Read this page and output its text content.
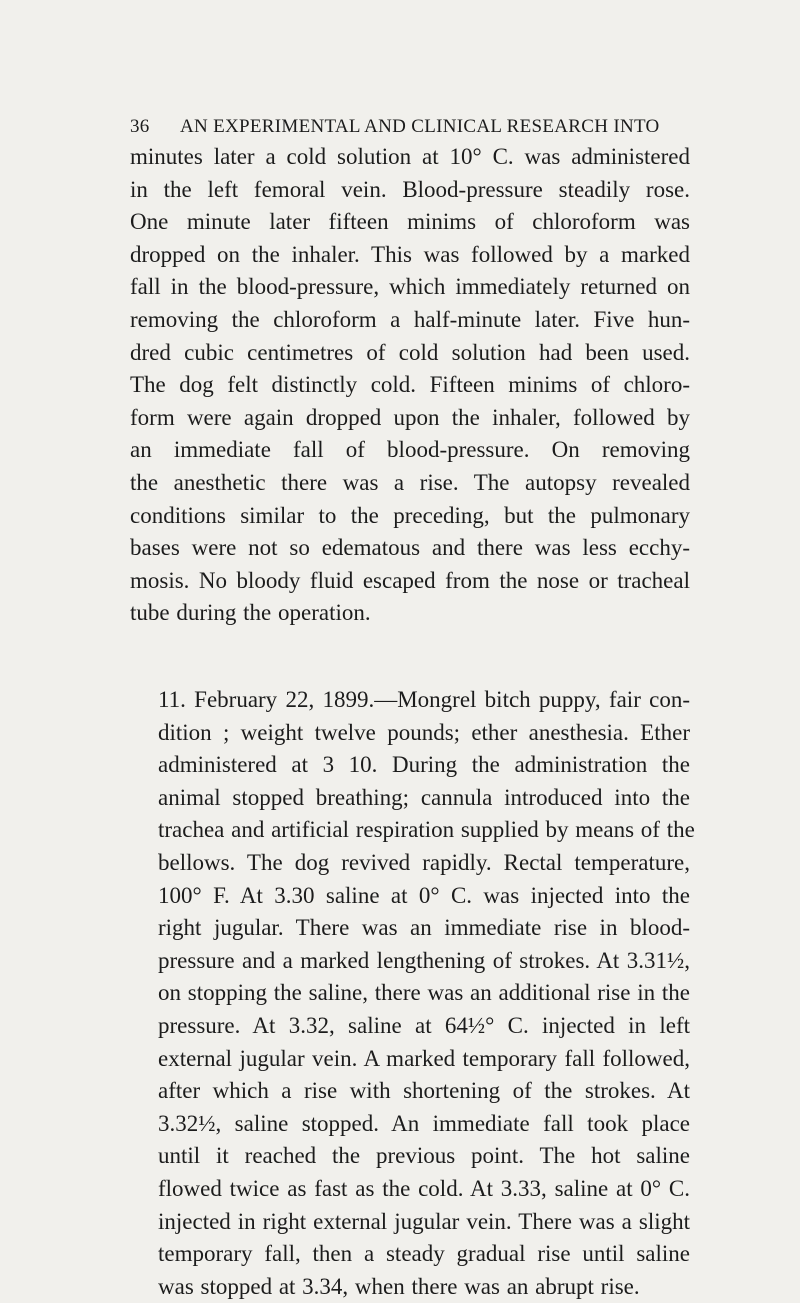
36 AN EXPERIMENTAL AND CLINICAL RESEARCH INTO
minutes later a cold solution at 10° C. was administered
in the left femoral vein. Blood-pressure steadily rose.
One minute later fifteen minims of chloroform was
dropped on the inhaler. This was followed by a marked
fall in the blood-pressure, which immediately returned on
removing the chloroform a half-minute later. Five hun-
dred cubic centimetres of cold solution had been used.
The dog felt distinctly cold. Fifteen minims of chloro-
form were again dropped upon the inhaler, followed by
an immediate fall of blood-pressure. On removing
the anesthetic there was a rise. The autopsy revealed
conditions similar to the preceding, but the pulmonary
bases were not so edematous and there was less ecchy-
mosis. No bloody fluid escaped from the nose or tracheal
tube during the operation.
11. February 22, 1899.—Mongrel bitch puppy, fair con-
dition ; weight twelve pounds; ether anesthesia. Ether
administered at 3 10. During the administration the
animal stopped breathing; cannula introduced into the
trachea and artificial respiration supplied by means of the
bellows. The dog revived rapidly. Rectal temperature,
100° F. At 3.30 saline at 0° C. was injected into the
right jugular. There was an immediate rise in blood-
pressure and a marked lengthening of strokes. At 3.31½,
on stopping the saline, there was an additional rise in the
pressure. At 3.32, saline at 64½° C. injected in left
external jugular vein. A marked temporary fall followed,
after which a rise with shortening of the strokes. At
3.32½, saline stopped. An immediate fall took place
until it reached the previous point. The hot saline
flowed twice as fast as the cold. At 3.33, saline at 0° C.
injected in right external jugular vein. There was a slight
temporary fall, then a steady gradual rise until saline
was stopped at 3.34, when there was an abrupt rise.
